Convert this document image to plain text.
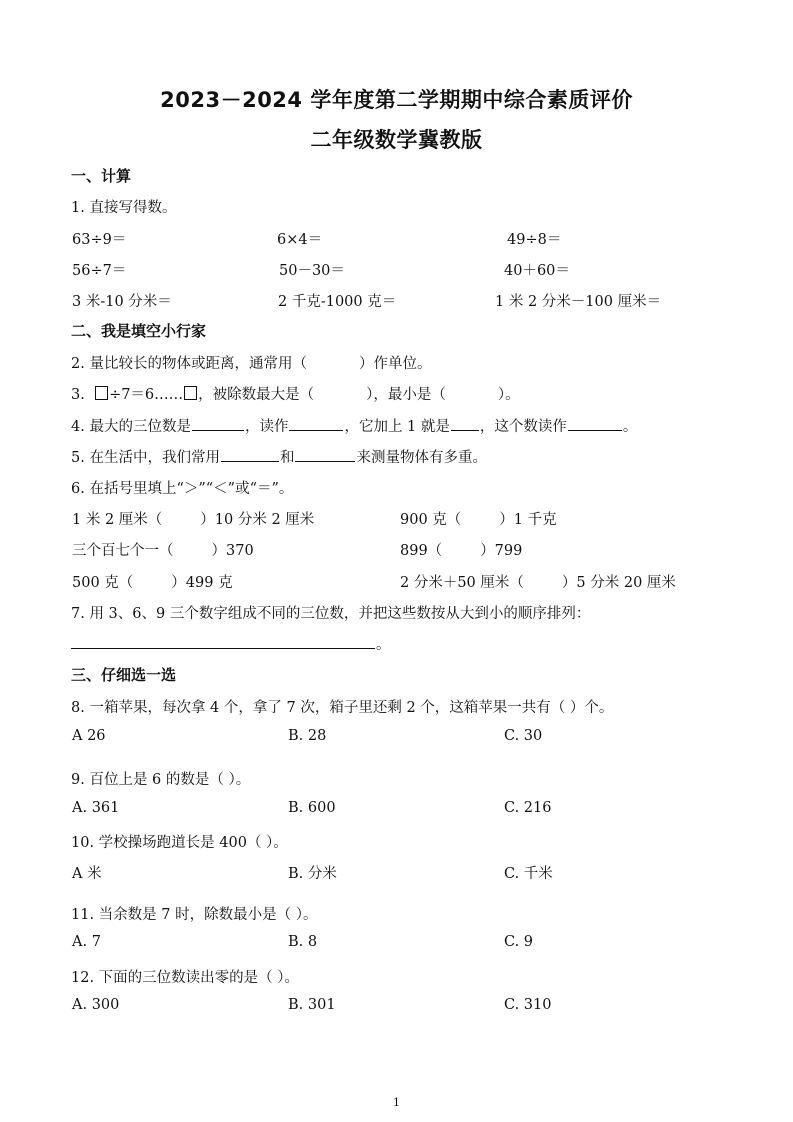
2023－2024 学年度第二学期期中综合素质评价
二年级数学冀教版
一、计算
1. 直接写得数。
63÷9＝	6×4＝	49÷8＝
56÷7＝	50－30＝	40＋60＝
3 米-10 分米＝	2 千克-1000 克＝	1 米 2 分米－100 厘米＝
二、我是填空小行家
2. 量比较长的物体或距离，通常用（	）作单位。
3. ÷7＝6…… ，被除数最大是（	），最小是（	）。
4. 最大的三位数是	，读作	，它加上 1 就是 ，这个数读作	。
5. 在生活中，我们常用	和	来测量物体有多重。
6. 在括号里填上“＞”“＜”或“＝”。
1 米 2 厘米（	）10 分米 2 厘米	900 克（	）1 千克
三个百七个一（	）370	899（	）799
500 克（	）499 克	2 分米＋50 厘米（	）5 分米 20 厘米
7. 用 3、6、9 三个数字组成不同的三位数，并把这些数按从大到小的顺序排列：
。
三、仔细选一选
8. 一箱苹果，每次拿 4 个，拿了 7 次，箱子里还剩 2 个，这箱苹果一共有（ ）个。
A 26	B. 28	C. 30
9. 百位上是 6 的数是（ ）。
A. 361	B. 600	C. 216
10. 学校操场跑道长是 400（ ）。
A 米	B. 分米	C. 千米
11. 当余数是 7 时，除数最小是（ ）。
A. 7	B. 8	C. 9
12. 下面的三位数读出零的是（ ）。
A. 300	B. 301	C. 310
1
